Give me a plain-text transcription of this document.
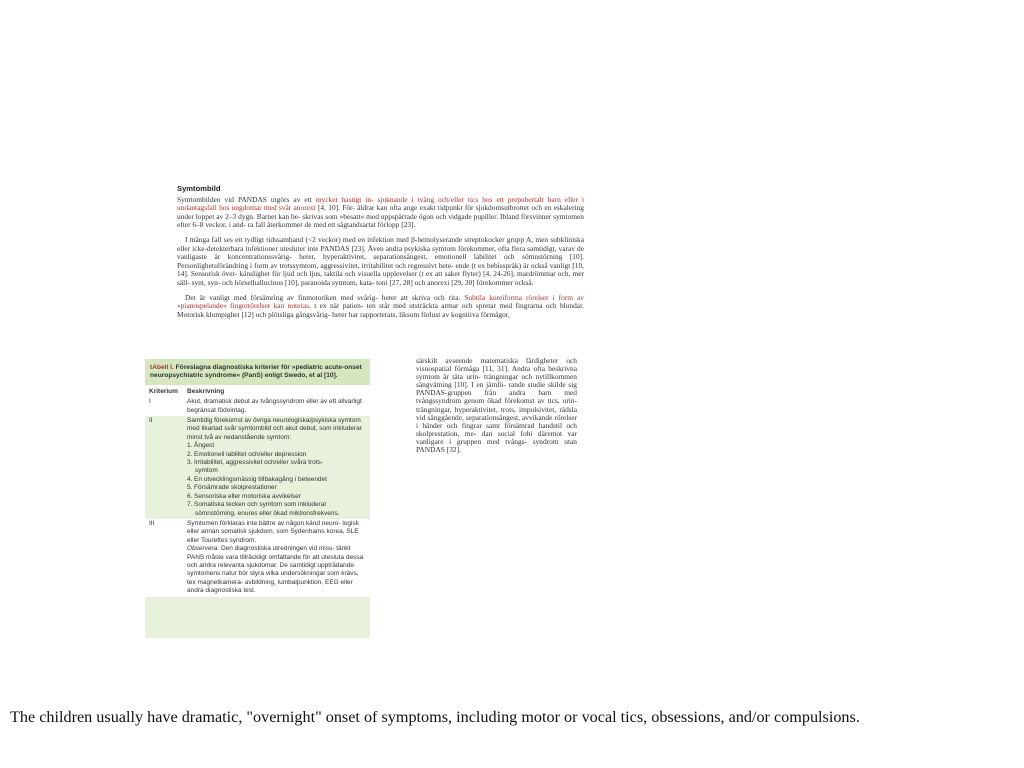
Symtombild

Symtombilden vid PANDAS utgörs av ett mycket hastigt in- sjuknande i tvång och/eller tics hos ett prepubertalt barn eller i undantagsfall hos ungdomar med svår anorexi [4, 10]. För- äldrar kan ofta ange exakt tidpunkt för sjukdomsutbrottet och en eskalering under loppet av 2–3 dygn. Barnet kan be- skrivas som »besatt« med uppspärrade ögon och vidgade pupiller. Ibland försvinner symtomen efter 6–8 veckor, i and- ra fall återkommer de med ett sågtandsartat förlopp [23].

I många fall ses ett tydligt tidssamband (<2 veckor) med en infektion med β-hemolyserande streptokocker grupp A, men subkliniska eller icke-detekterbara infektioner utesluter inte PANDAS [23]. Även andra psykiska symtom förekommer, ofta flera samtidigt, varav de vanligaste är koncentrationssvårig- heter, hyperaktivitet, separationsångest, emotionell labilitet och sömnstörning [10]. Personlighetsförändring i form av trotssymtom, aggressivitet, irritabilitet och regressivt bete- ende (t ex bebisspråk) är också vanligt [10, 14]. Sensorisk över- känslighet för ljud och ljus, taktila och visuella upplevelser (t ex att saker flyter) [4, 24-26], mardrömmar och, mer säll- synt, syn- och hörselhallucinos [10], paranoida symtom, kata- toni [27, 28] och anorexi [29, 30] förekommer också.

Det är vanligt med försämring av finmotoriken med svårig- heter att skriva och rita. Subtila koreiforma rörelser i form av »pianospelande« fingerrörelser kan noteras, t ex när patien- ten står med utsträckta armar och spretar med fingrarna och blundar. Motorisk klumpighet [12] och plötsliga gångsvårig- heter har rapporterats, liksom förlust av kognitiva förmågor,

tAbell I. Föreslagna diagnostiska kriterier för »pediatric acute-onset neuropsychiatric syndrome« (PanS) enligt Swedo, et al [10].
Kriterium	Beskrivning
I	Akut, dramatisk debut av tvångssyndrom eller av ett allvarligt begränsat födointag.
II	Samtidig förekomst av övriga neurologiska/psykiska symtom med likartad svår symtombild och akut debut, som inkluderar minst två av nedanstående symtom:
1. Ångest
2. Emotionell labilitet och/eller depression
3. Irritabilitet, aggressivitet och/eller svåra trots-
symtom
4. En utvecklingsmässig tillbakagång i beteendet
5. Försämrade skolprestationer
6. Sensoriska eller motoriska avvikelser
7. Somatiska tecken och symtom som inkluderar
sömnstörning, enures eller ökad miktionsfrekvens.
III	Symtomen förklaras inte bättre av någon känd neuro- logisk eller annan somatisk sjukdom, som Sydenhams korea, SLE eller Tourettes syndrom.
Observera: Den diagnostiska utredningen vid miss- tänkt PANS måste vara tillräckligt omfattande för att utesluta dessa och andra relevanta sjukdomar. De samtidigt uppträdande symtomens natur bör styra vilka undersökningar som krävs, tex magnetkamera- avbildning, lumbalpunktion, EEG eller andra diagnostiska test.
särskilt avseende matematiska färdigheter och visuospatial förmåga [11, 31]. Andra ofta beskrivna symtom är täta urin- trängningar och nytillkommen sängvätning [10]. I en jämfö- rande studie skilde sig PANDAS-gruppen från andra barn med tvångssyndrom genom ökad förekomst av tics, urin- trängningar, hyperaktivitet, trots, impulsivitet, rädsla vid sänggående, separationsångest, avvikande rörelser i händer och fingrar samt försämrad handstil och skolprestation, me- dan social fobi däremot var vanligare i gruppen med tvångs- syndrom utan PANDAS [32].
The children usually have dramatic, "overnight" onset of symptoms, including motor or vocal tics, obsessions, and/or compulsions.
